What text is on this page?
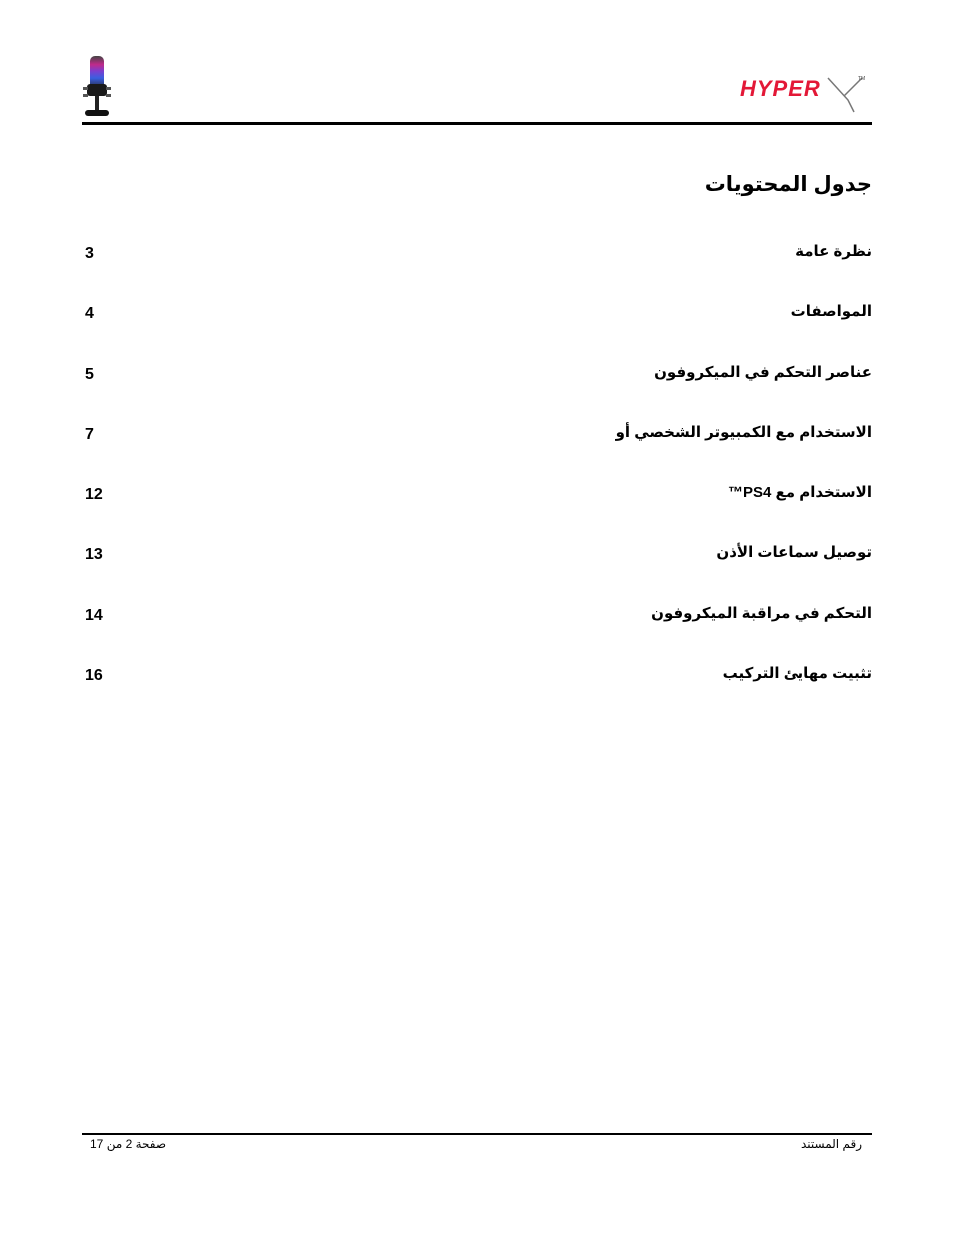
HYPER	TM
جدول المحتويات
نظرة عامة
3
المواصفات
4
عناصر التحكم في الميكروفون
5
الاستخدام مع الكمبيوتر الشخصي أو
7
الاستخدام مع PS4™
12
توصيل سماعات الأذن
13
التحكم في مراقبة الميكروفون
14
تثبيت مهايئ التركيب
16
رقم المستند
صفحة 2 من 17
